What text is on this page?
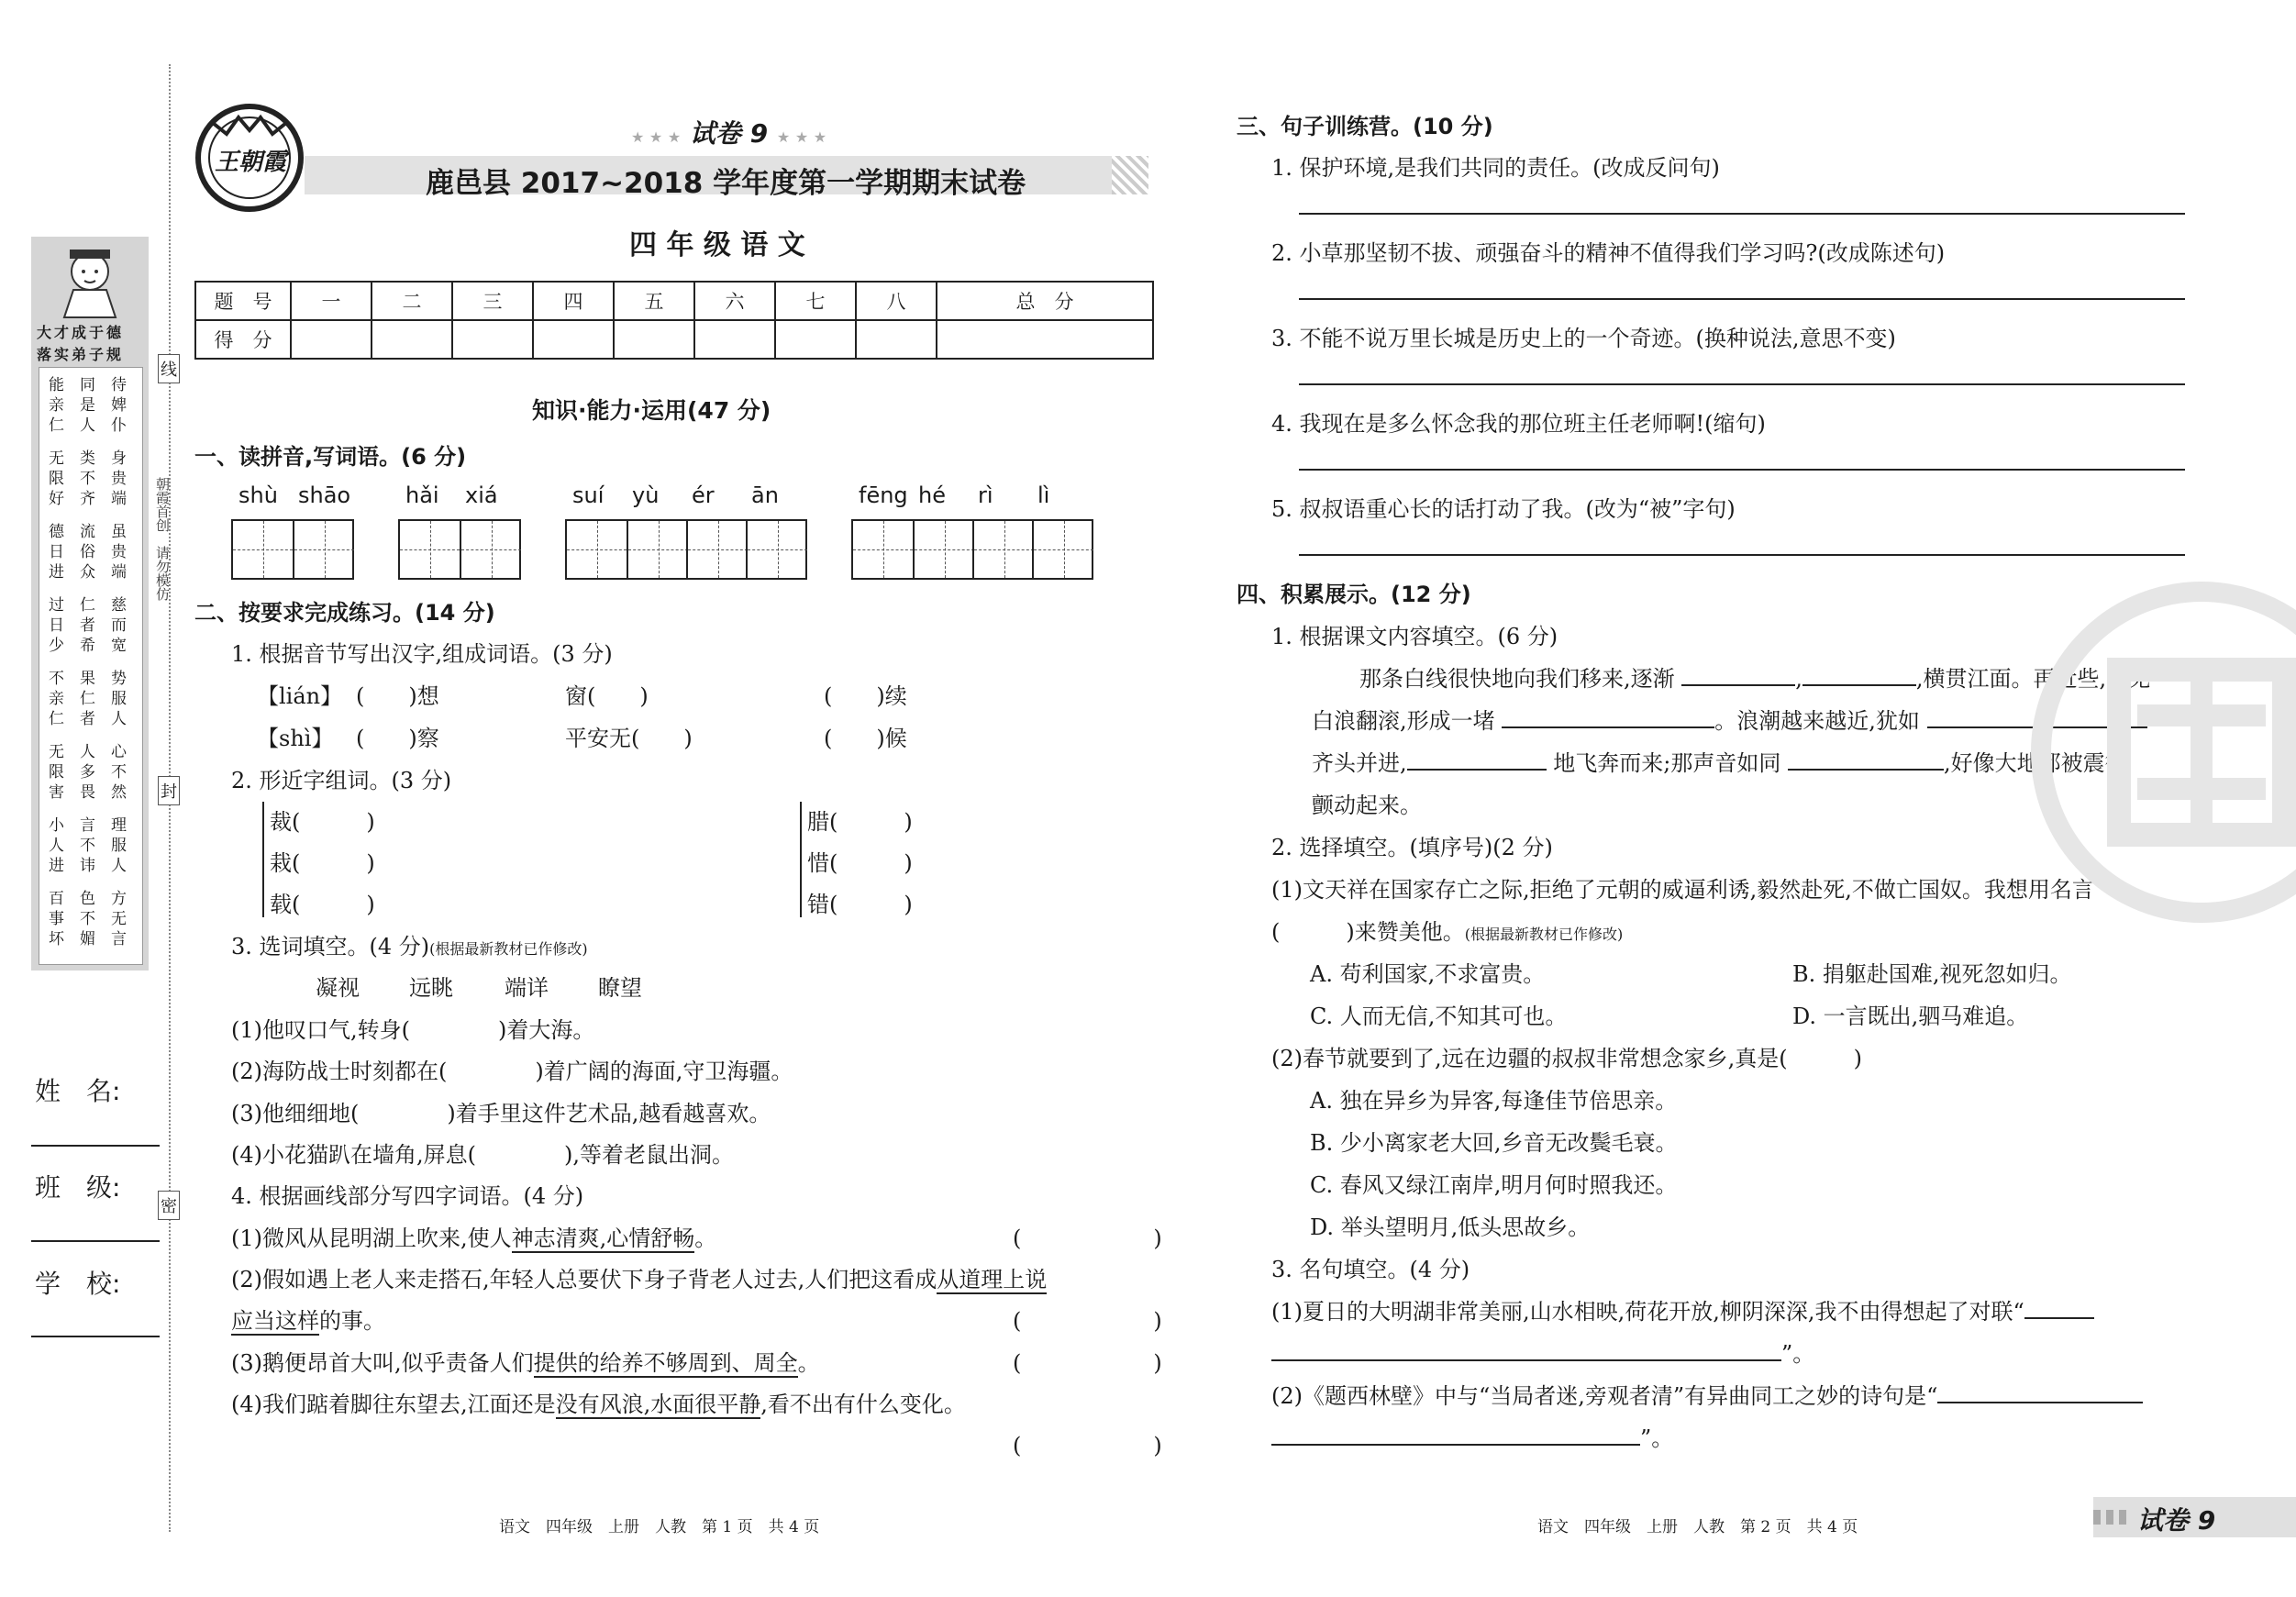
大才成于德
落实弟子规
能亲仁
同是人
待婢仆
无限好
类不齐
身贵端
德日进
流俗众
虽贵端
过日少
仁者希
慈而宽
不亲仁
果仁者
势服人
无限害
人多畏
心不然
小人进
言不讳
理服人
百事坏
色不媚
方无言
姓　名:
班　级:
学　校:
线
封
密
朝霞首创　请勿模仿
王朝霞
★ ★ ★ 试卷 9 ★ ★ ★
鹿邑县 2017~2018 学年度第一学期期末试卷
四 年 级 语 文
题　号	一	二	三	四	五	六	七	八	总　分
得　分									
知识·能力·运用(47 分)
一、读拼音,写词语。(6 分)
shù shāo hǎi xiá	suí yù ér ān	fēng hé rì lì
二、按要求完成练习。(14 分)
1. 根据音节写出汉字,组成词语。(3 分)
【lián】 (　　)想	窗(　　)	(　　)续
【shì】 (　　)察	平安无(　　)	(　　)候
2. 形近字组词。(3 分)
裁(　　　)
栽(　　　)
载(　　　)
腊(　　　)
惜(　　　)
错(　　　)
3. 选词填空。(4 分)(根据最新教材已作修改)
凝视 远眺 端详 瞭望
(1)他叹口气,转身(　　　　)着大海。
(2)海防战士时刻都在(　　　　)着广阔的海面,守卫海疆。
(3)他细细地(　　　　)着手里这件艺术品,越看越喜欢。
(4)小花猫趴在墙角,屏息(　　　　),等着老鼠出洞。
4. 根据画线部分写四字词语。(4 分)
(1)微风从昆明湖上吹来,使人神志清爽,心情舒畅。	(　　　　　　)
(2)假如遇上老人来走搭石,年轻人总要伏下身子背老人过去,人们把这看成从道理上说
应当这样的事。	(　　　　　　)
(3)鹅便昂首大叫,似乎责备人们提供的给养不够周到、周全。	(　　　　　　)
(4)我们踮着脚往东望去,江面还是没有风浪,水面很平静,看不出有什么变化。
(　　　　　　)
语文　四年级　上册　人教　第 1 页　共 4 页
三、句子训练营。(10 分)
1. 保护环境,是我们共同的责任。(改成反问句)
2. 小草那坚韧不拔、顽强奋斗的精神不值得我们学习吗?(改成陈述句)
3. 不能不说万里长城是历史上的一个奇迹。(换种说法,意思不变)
4. 我现在是多么怀念我的那位班主任老师啊!(缩句)
5. 叔叔语重心长的话打动了我。(改为“被”字句)
四、积累展示。(12 分)
1. 根据课文内容填空。(6 分)
那条白线很快地向我们移来,逐渐	,	,横贯江面。再近些,只见
白浪翻滚,形成一堵	。浪潮越来越近,犹如
齐头并进,	地飞奔而来;那声音如同	,好像大地都被震得
颤动起来。
2. 选择填空。(填序号)(2 分)
(1)文天祥在国家存亡之际,拒绝了元朝的威逼利诱,毅然赴死,不做亡国奴。我想用名言
(　　　)来赞美他。(根据最新教材已作修改)
A. 苟利国家,不求富贵。	B. 捐躯赴国难,视死忽如归。
C. 人而无信,不知其可也。	D. 一言既出,驷马难追。
(2)春节就要到了,远在边疆的叔叔非常想念家乡,真是(　　　)
A. 独在异乡为异客,每逢佳节倍思亲。
B. 少小离家老大回,乡音无改鬓毛衰。
C. 春风又绿江南岸,明月何时照我还。
D. 举头望明月,低头思故乡。
3. 名句填空。(4 分)
(1)夏日的大明湖非常美丽,山水相映,荷花开放,柳阴深深,我不由得想起了对联“
”。
(2)《题西林壁》中与“当局者迷,旁观者清”有异曲同工之妙的诗句是“
”。
语文　四年级　上册　人教　第 2 页　共 4 页	试卷 9
